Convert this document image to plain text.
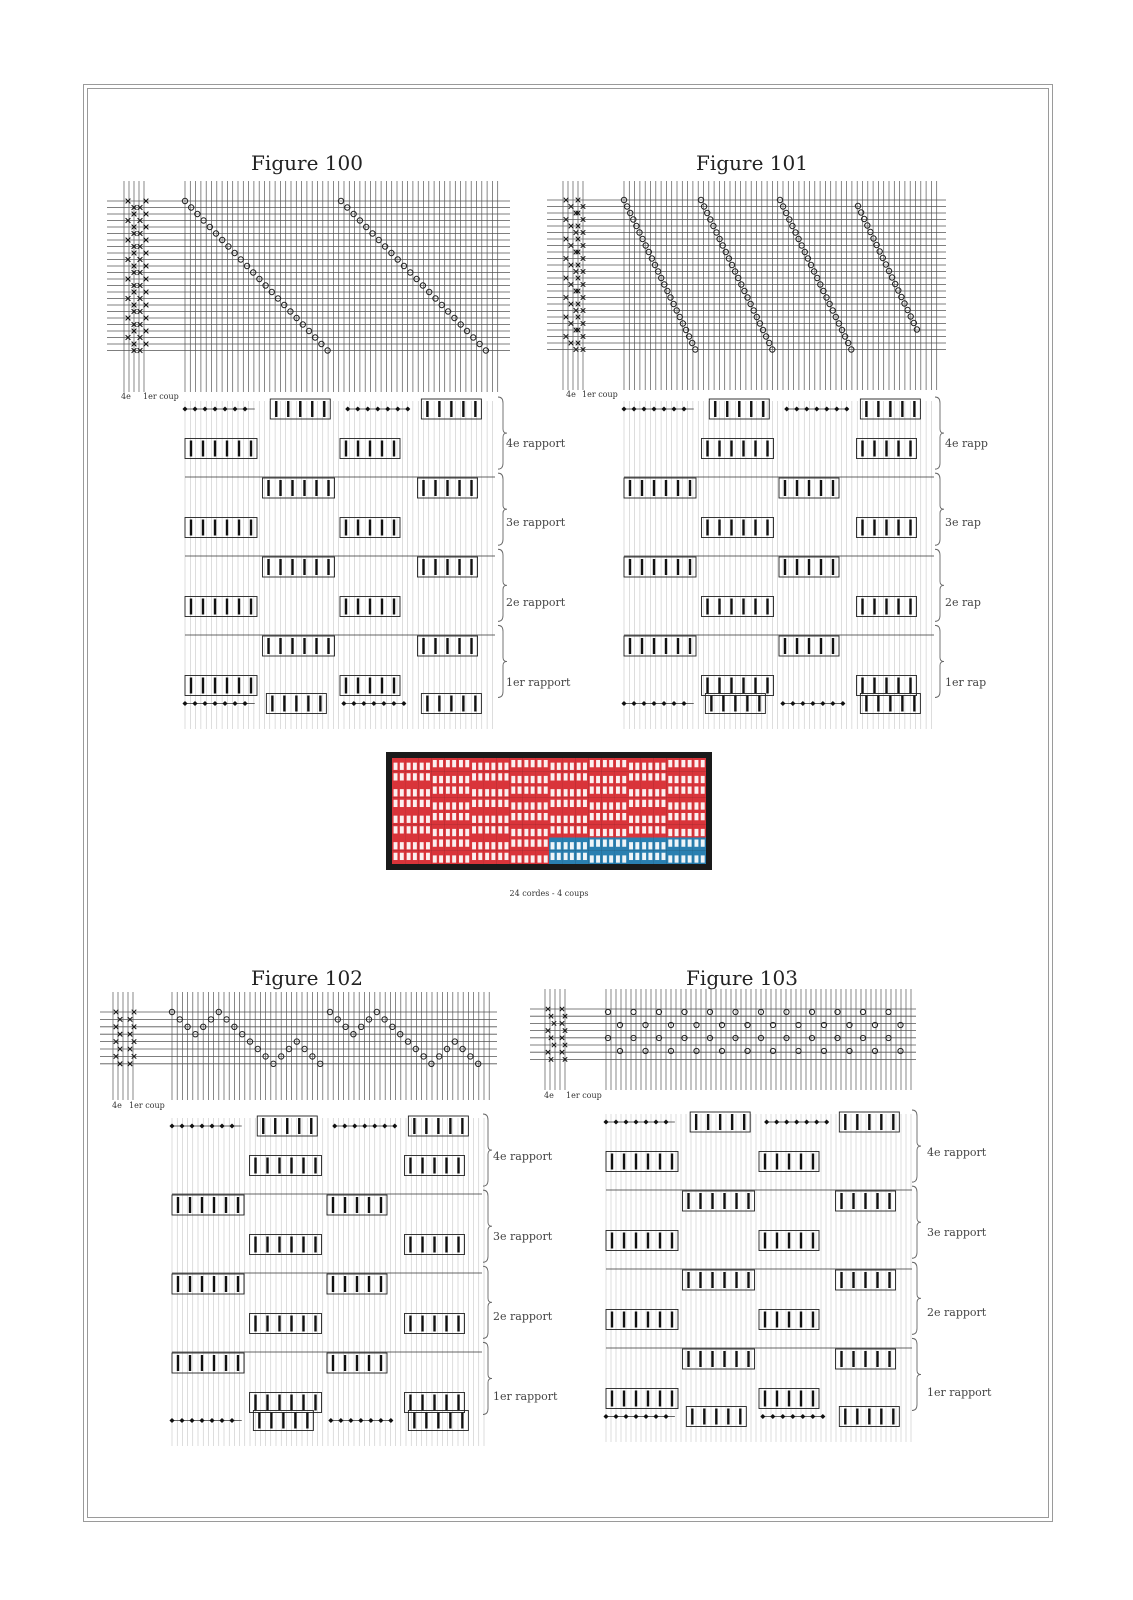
Figure 100	Figure 101
Figure 102	Figure 103
4e 1er coup	4e 1er coup
4e 1er coup
4e 1er coup
4e rapport
3e rapport
2e rapport
1er rapport
4e rapp
3e rap
2e rap
1er rap
4e rapport
3e rapport
2e rapport
1er rapport
4e rapport
3e rapport
2e rapport
1er rapport
24 cordes - 4 coups
